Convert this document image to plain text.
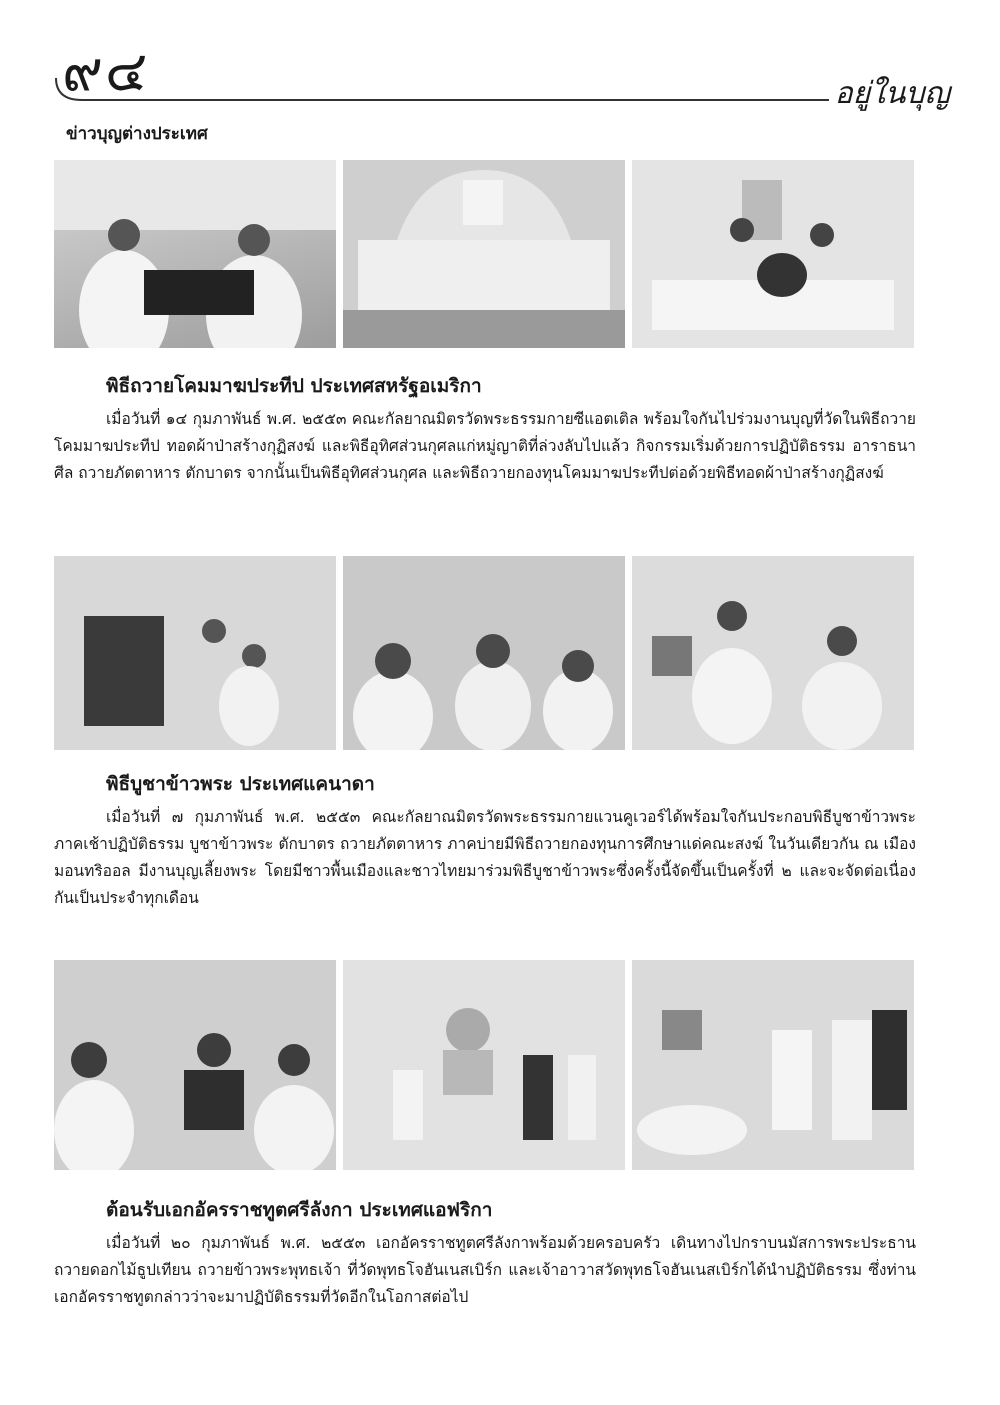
๙๔	อยู่ในบุญ
ข่าวบุญต่างประเทศ
พิธีถวายโคมมาฆประทีป ประเทศสหรัฐอเมริกา

เมื่อวันที่ ๑๔ กุมภาพันธ์ พ.ศ. ๒๕๕๓ คณะกัลยาณมิตรวัดพระธรรมกายซีแอตเติล พร้อมใจกันไปร่วมงานบุญที่วัดในพิธีถวายโคมมาฆประทีป ทอดผ้าป่าสร้างกุฏิสงฆ์ และพิธีอุทิศส่วนกุศลแก่หมู่ญาติที่ล่วงลับไปแล้ว กิจกรรมเริ่มด้วยการปฏิบัติธรรม อาราธนาศีล ถวายภัตตาหาร ตักบาตร จากนั้นเป็นพิธีอุทิศส่วนกุศล และพิธีถวายกองทุนโคมมาฆประทีปต่อด้วยพิธีทอดผ้าป่าสร้างกุฏิสงฆ์

พิธีบูชาข้าวพระ ประเทศแคนาดา

เมื่อวันที่ ๗ กุมภาพันธ์ พ.ศ. ๒๕๕๓ คณะกัลยาณมิตรวัดพระธรรมกายแวนคูเวอร์ได้พร้อมใจกันประกอบพิธีบูชาข้าวพระ ภาคเช้าปฏิบัติธรรม บูชาข้าวพระ ตักบาตร ถวายภัตตาหาร ภาคบ่ายมีพิธีถวายกองทุนการศึกษาแด่คณะสงฆ์ ในวันเดียวกัน ณ เมืองมอนทริออล มีงานบุญเลี้ยงพระ โดยมีชาวพื้นเมืองและชาวไทยมาร่วมพิธีบูชาข้าวพระซึ่งครั้งนี้จัดขึ้นเป็นครั้งที่ ๒ และจะจัดต่อเนื่องกันเป็นประจำทุกเดือน

ต้อนรับเอกอัครราชทูตศรีลังกา ประเทศแอฟริกา

เมื่อวันที่ ๒๐ กุมภาพันธ์ พ.ศ. ๒๕๕๓ เอกอัครราชทูตศรีลังกาพร้อมด้วยครอบครัว เดินทางไปกราบนมัสการพระประธาน ถวายดอกไม้ธูปเทียน ถวายข้าวพระพุทธเจ้า ที่วัดพุทธโจฮันเนสเบิร์ก และเจ้าอาวาสวัดพุทธโจฮันเนสเบิร์กได้นำปฏิบัติธรรม ซึ่งท่านเอกอัครราชทูตกล่าวว่าจะมาปฏิบัติธรรมที่วัดอีกในโอกาสต่อไป
